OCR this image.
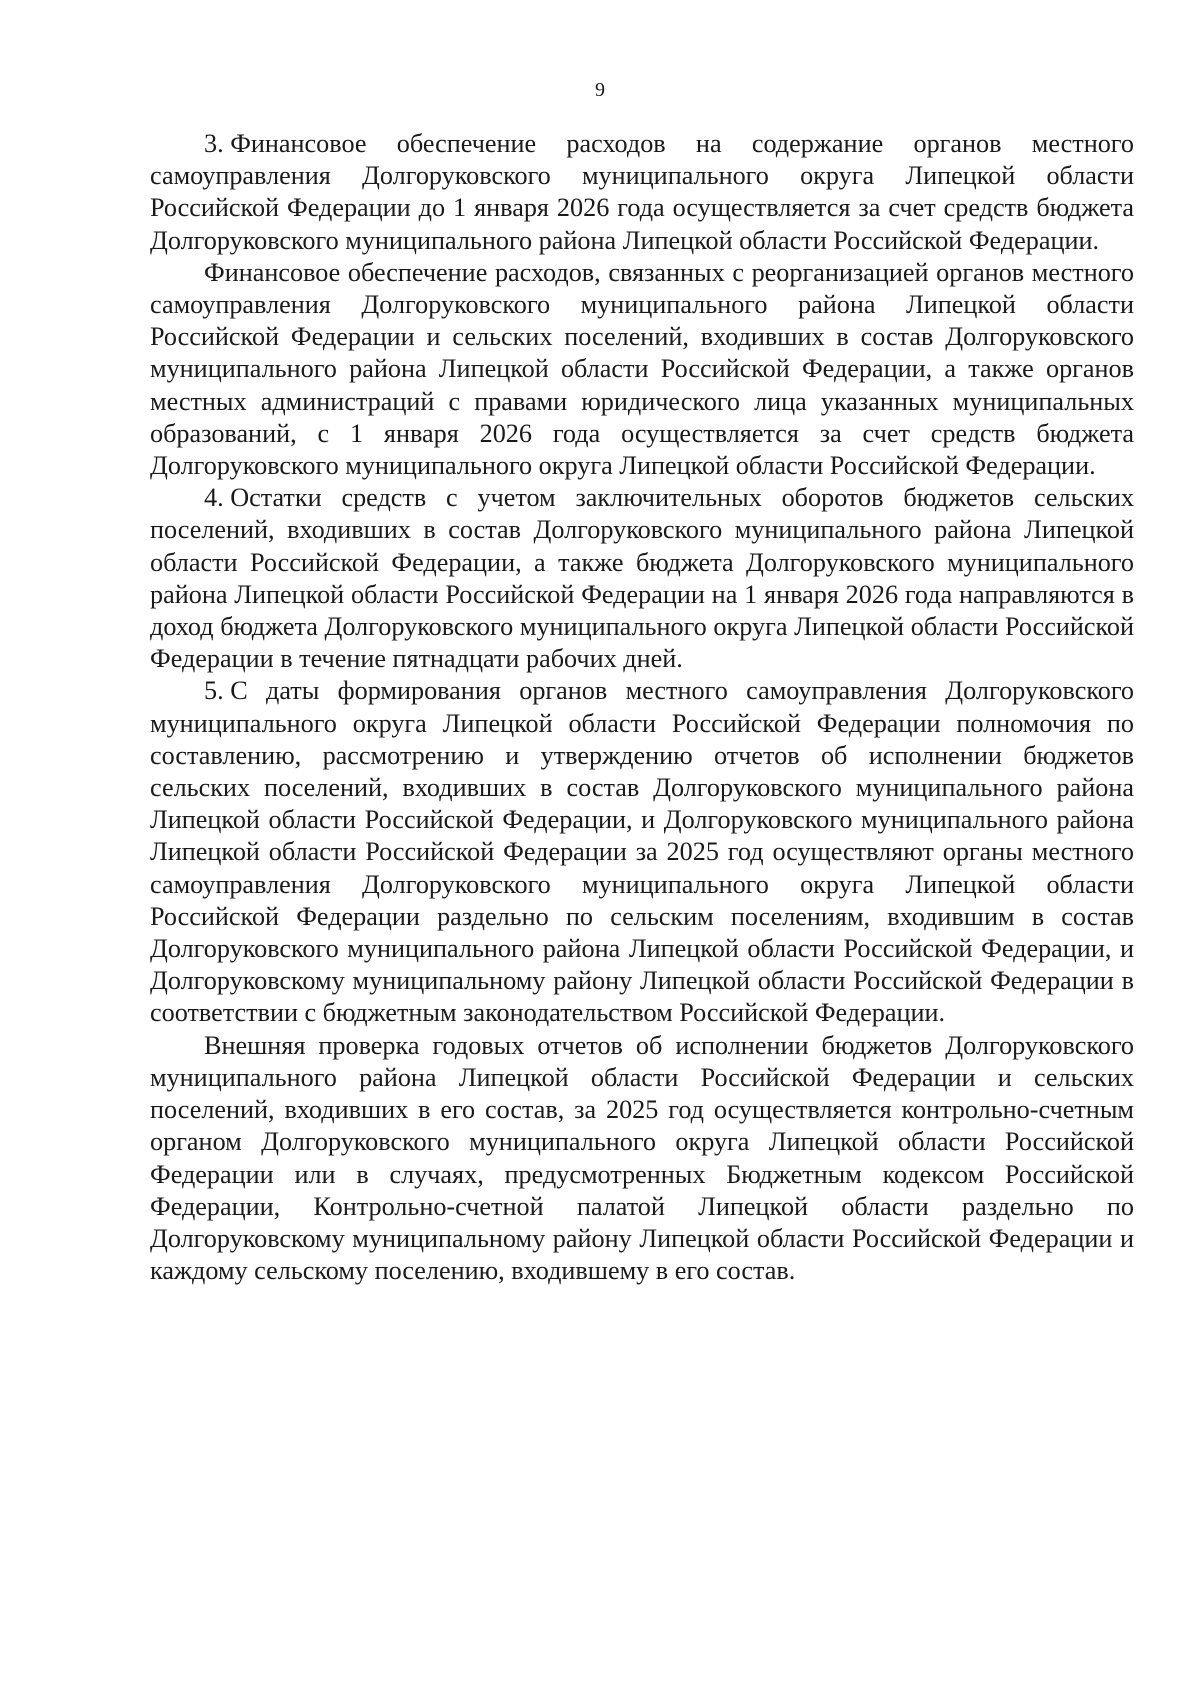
9

3. Финансовое обеспечение расходов на содержание органов местного самоуправления Долгоруковского муниципального округа Липецкой области Российской Федерации до 1 января 2026 года осуществляется за счет средств бюджета Долгоруковского муниципального района Липецкой области Российской Федерации.

Финансовое обеспечение расходов, связанных с реорганизацией органов местного самоуправления Долгоруковского муниципального района Липецкой области Российской Федерации и сельских поселений, входивших в состав Долгоруковского муниципального района Липецкой области Российской Федерации, а также органов местных администраций с правами юридического лица указанных муниципальных образований, с 1 января 2026 года осуществляется за счет средств бюджета Долгоруковского муниципального округа Липецкой области Российской Федерации.

4. Остатки средств с учетом заключительных оборотов бюджетов сельских поселений, входивших в состав Долгоруковского муниципального района Липецкой области Российской Федерации, а также бюджета Долгоруковского муниципального района Липецкой области Российской Федерации на 1 января 2026 года направляются в доход бюджета Долгоруковского муниципального округа Липецкой области Российской Федерации в течение пятнадцати рабочих дней.

5. С даты формирования органов местного самоуправления Долгоруковского муниципального округа Липецкой области Российской Федерации полномочия по составлению, рассмотрению и утверждению отчетов об исполнении бюджетов сельских поселений, входивших в состав Долгоруковского муниципального района Липецкой области Российской Федерации, и Долгоруковского муниципального района Липецкой области Российской Федерации за 2025 год осуществляют органы местного самоуправления Долгоруковского муниципального округа Липецкой области Российской Федерации раздельно по сельским поселениям, входившим в состав Долгоруковского муниципального района Липецкой области Российской Федерации, и Долгоруковскому муниципальному району Липецкой области Российской Федерации в соответствии с бюджетным законодательством Российской Федерации.

Внешняя проверка годовых отчетов об исполнении бюджетов Долгоруковского муниципального района Липецкой области Российской Федерации и сельских поселений, входивших в его состав, за 2025 год осуществляется контрольно-счетным органом Долгоруковского муниципального округа Липецкой области Российской Федерации или в случаях, предусмотренных Бюджетным кодексом Российской Федерации, Контрольно-счетной палатой Липецкой области раздельно по Долгоруковскому муниципальному району Липецкой области Российской Федерации и каждому сельскому поселению, входившему в его состав.
